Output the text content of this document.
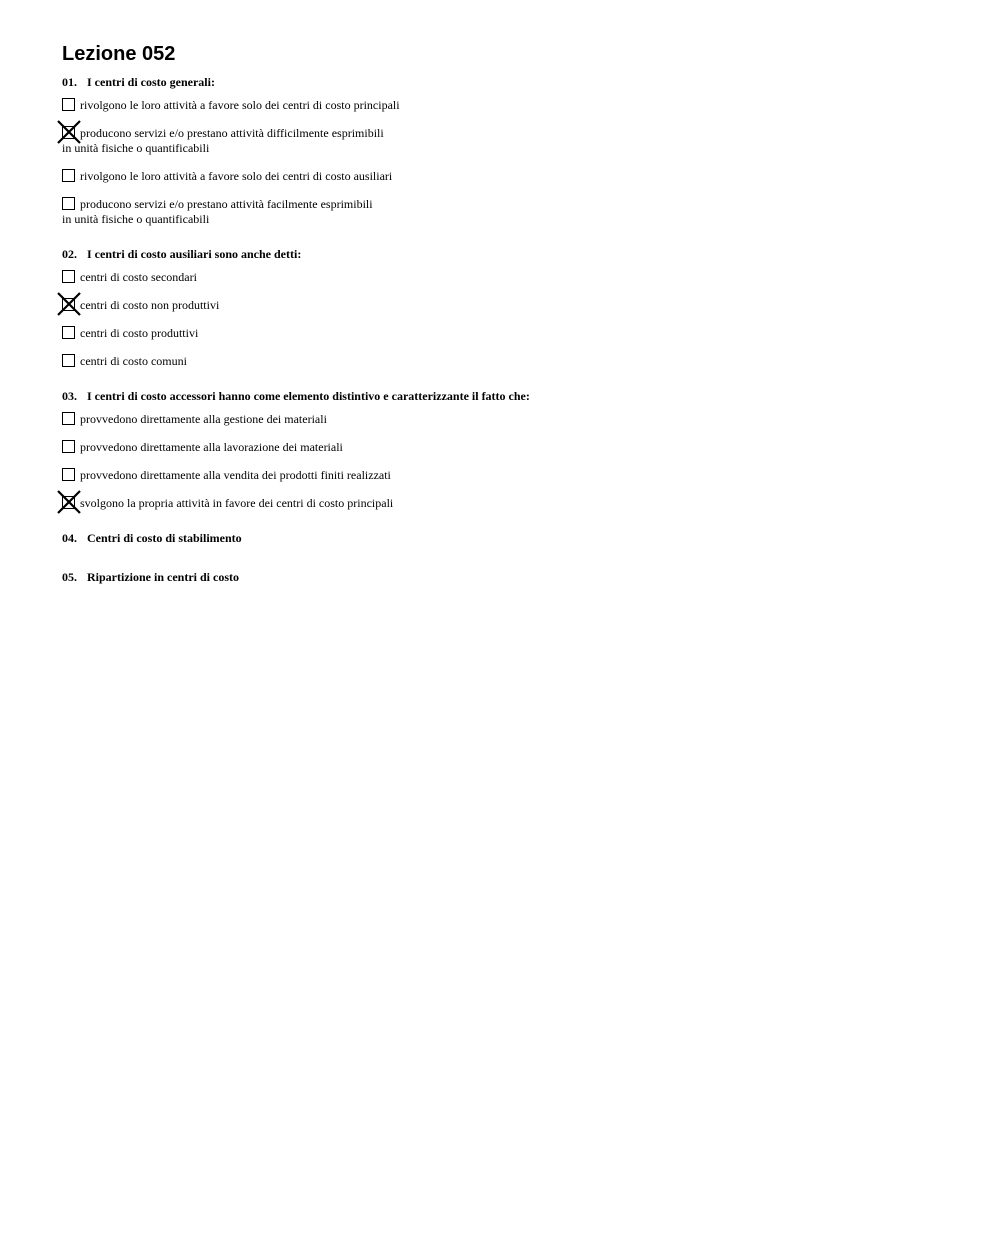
Lezione 052
01. I centri di costo generali:
rivolgono le loro attività a favore solo dei centri di costo principali
producono servizi e/o prestano attività difficilmente esprimibili
in unità fisiche o quantificabili
rivolgono le loro attività a favore solo dei centri di costo ausiliari
producono servizi e/o prestano attività facilmente esprimibili
in unità fisiche o quantificabili
02. I centri di costo ausiliari sono anche detti:
centri di costo secondari
centri di costo non produttivi
centri di costo produttivi
centri di costo comuni
03. I centri di costo accessori hanno come elemento distintivo e caratterizzante il fatto che:
provvedono direttamente alla gestione dei materiali
provvedono direttamente alla lavorazione dei materiali
provvedono direttamente alla vendita dei prodotti finiti realizzati
svolgono la propria attività in favore dei centri di costo principali
04. Centri di costo di stabilimento
05. Ripartizione in centri di costo
